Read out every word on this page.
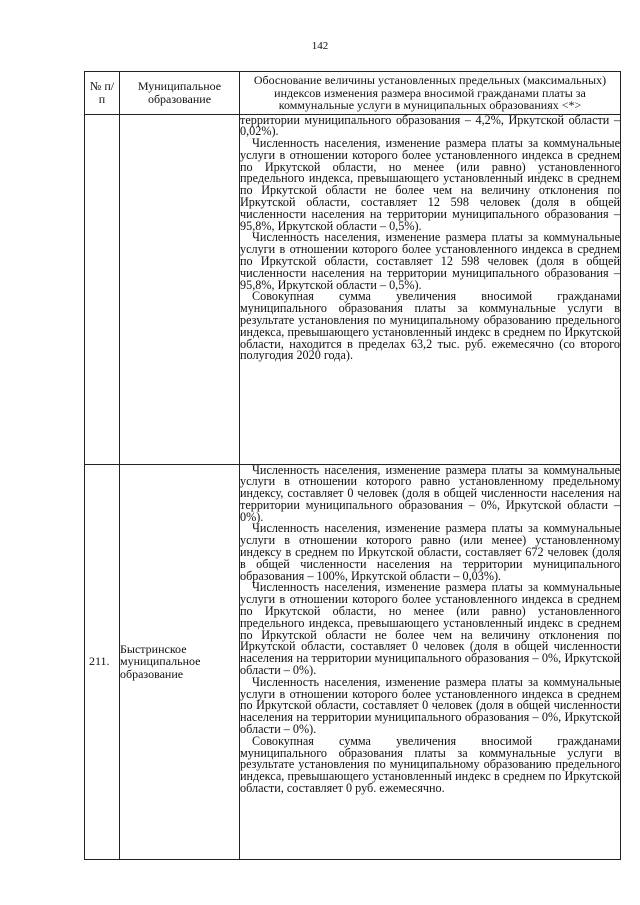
142
№ п/п	Муниципальное образование	Обоснование величины установленных предельных (максимальных) индексов изменения размера вносимой гражданами платы за коммунальные услуги в муниципальных образованиях <*>

		территории муниципального образования – 4,2%, Иркутской области – 0,02%).

Численность населения, изменение размера платы за коммунальные услуги в отношении которого более установленного индекса в среднем по Иркутской области, но менее (или равно) установленного предельного индекса, превышающего установленный индекс в среднем по Иркутской области не более чем на величину отклонения по Иркутской области, составляет 12 598 человек (доля в общей численности населения на территории муниципального образования – 95,8%, Иркутской области – 0,5%).

Численность населения, изменение размера платы за коммунальные услуги в отношении которого более установленного индекса в среднем по Иркутской области, составляет 12 598 человек (доля в общей численности населения на территории муниципального образования – 95,8%, Иркутской области – 0,5%).

Совокупная сумма увеличения вносимой гражданами муниципального образования платы за коммунальные услуги в результате установления по муниципальному образованию предельного индекса, превышающего установленный индекс в среднем по Иркутской области, находится в пределах 63,2 тыс. руб. ежемесячно (со второго полугодия 2020 года).

211.	Быстринское муниципальное образование	Численность населения, изменение размера платы за коммунальные услуги в отношении которого равно установленному предельному индексу, составляет 0 человек (доля в общей численности населения на территории муниципального образования – 0%, Иркутской области – 0%).

Численность населения, изменение размера платы за коммунальные услуги в отношении которого равно (или менее) установленному индексу в среднем по Иркутской области, составляет 672 человек (доля в общей численности населения на территории муниципального образования – 100%, Иркутской области – 0,03%).

Численность населения, изменение размера платы за коммунальные услуги в отношении которого более установленного индекса в среднем по Иркутской области, но менее (или равно) установленного предельного индекса, превышающего установленный индекс в среднем по Иркутской области не более чем на величину отклонения по Иркутской области, составляет 0 человек (доля в общей численности населения на территории муниципального образования – 0%, Иркутской области – 0%).

Численность населения, изменение размера платы за коммунальные услуги в отношении которого более установленного индекса в среднем по Иркутской области, составляет 0 человек (доля в общей численности населения на территории муниципального образования – 0%, Иркутской области – 0%).

Совокупная сумма увеличения вносимой гражданами муниципального образования платы за коммунальные услуги в результате установления по муниципальному образованию предельного индекса, превышающего установленный индекс в среднем по Иркутской области, составляет 0 руб. ежемесячно.
